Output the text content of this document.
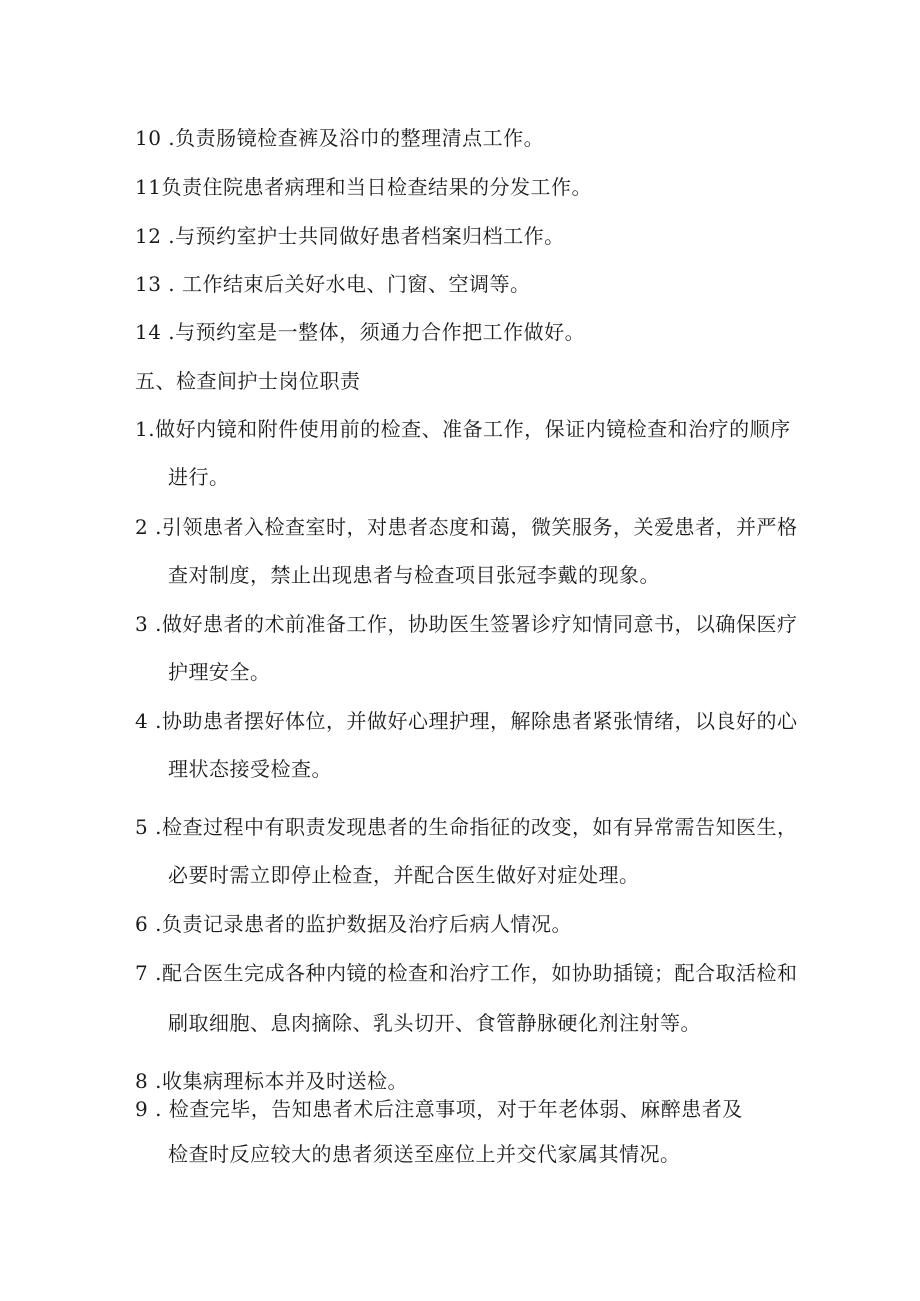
10 .负责肠镜检查裤及浴巾的整理清点工作。
11负责住院患者病理和当日检查结果的分发工作。
12 .与预约室护士共同做好患者档案归档工作。
13 . 工作结束后关好水电、门窗、空调等。
14 .与预约室是一整体，须通力合作把工作做好。
五、检查间护士岗位职责
1.做好内镜和附件使用前的检查、准备工作，保证内镜检查和治疗的顺序
进行。
2 .引领患者入检查室时，对患者态度和蔼，微笑服务，关爱患者，并严格
查对制度，禁止出现患者与检查项目张冠李戴的现象。
3 .做好患者的术前准备工作，协助医生签署诊疗知情同意书，以确保医疗
护理安全。
4 .协助患者摆好体位，并做好心理护理，解除患者紧张情绪，以良好的心
理状态接受检查。
5 .检查过程中有职责发现患者的生命指征的改变，如有异常需告知医生，
必要时需立即停止检查，并配合医生做好对症处理。
6 .负责记录患者的监护数据及治疗后病人情况。
7 .配合医生完成各种内镜的检查和治疗工作，如协助插镜；配合取活检和
刷取细胞、息肉摘除、乳头切开、食管静脉硬化剂注射等。
8 .收集病理标本并及时送检。
9 . 检查完毕，告知患者术后注意事项，对于年老体弱、麻醉患者及
检查时反应较大的患者须送至座位上并交代家属其情况。
